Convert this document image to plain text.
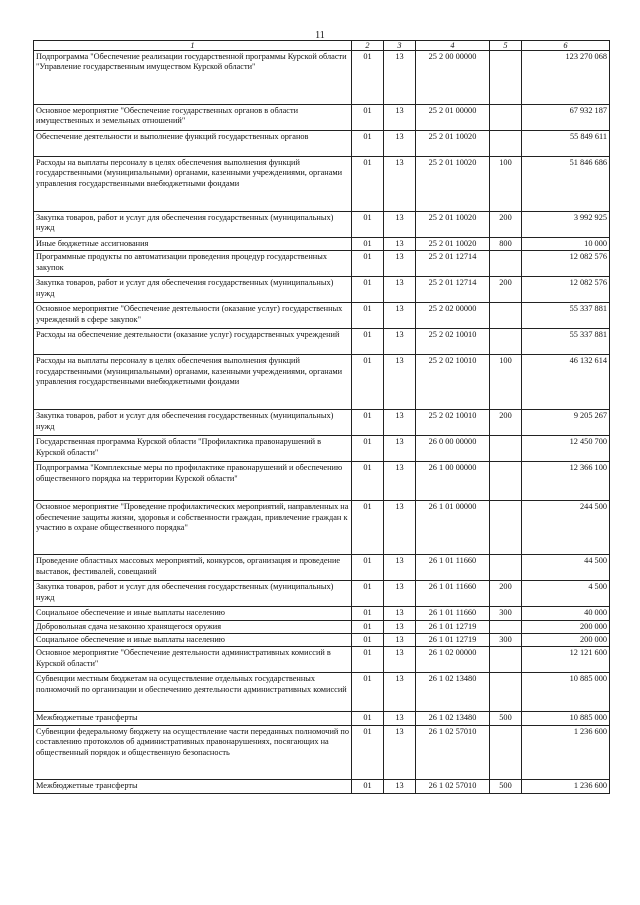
11
1	2	3	4	5	6
Подпрограмма "Обеспечение реализации государственной программы Курской области "Управление государственным имуществом Курской области"	01	13	25 2 00 00000		123 270 068
Основное мероприятие "Обеспечение государственных органов в области имущественных и земельных отношений"	01	13	25 2 01 00000		67 932 187
Обеспечение деятельности и выполнение функций государственных органов	01	13	25 2 01 10020		55 849 611
Расходы на выплаты персоналу в целях обеспечения выполнения функций государственными (муниципальными) органами, казенными учреждениями, органами управления государственными внебюджетными фондами	01	13	25 2 01 10020	100	51 846 686
Закупка товаров, работ и услуг для обеспечения государственных (муниципальных) нужд	01	13	25 2 01 10020	200	3 992 925
Иные бюджетные ассигнования	01	13	25 2 01 10020	800	10 000
Программные продукты по автоматизации проведения процедур государственных закупок	01	13	25 2 01 12714		12 082 576
Закупка товаров, работ и услуг для обеспечения государственных (муниципальных) нужд	01	13	25 2 01 12714	200	12 082 576
Основное мероприятие "Обеспечение деятельности (оказание услуг) государственных учреждений в сфере закупок"	01	13	25 2 02 00000		55 337 881
Расходы на обеспечение деятельности (оказание услуг) государственных учреждений	01	13	25 2 02 10010		55 337 881
Расходы на выплаты персоналу в целях обеспечения выполнения функций государственными (муниципальными) органами, казенными учреждениями, органами управления государственными внебюджетными фондами	01	13	25 2 02 10010	100	46 132 614
Закупка товаров, работ и услуг для обеспечения государственных (муниципальных) нужд	01	13	25 2 02 10010	200	9 205 267
Государственная программа Курской области "Профилактика правонарушений в Курской области"	01	13	26 0 00 00000		12 450 700
Подпрограмма "Комплексные меры по профилактике правонарушений и обеспечению общественного порядка на территории Курской области"	01	13	26 1 00 00000		12 366 100
Основное мероприятие "Проведение профилактических мероприятий, направленных на обеспечение защиты жизни, здоровья и собственности граждан, привлечение граждан к участию в охране общественного порядка"	01	13	26 1 01 00000		244 500
Проведение областных массовых мероприятий, конкурсов, организация и проведение выставок, фестивалей, совещаний	01	13	26 1 01 11660		44 500
Закупка товаров, работ и услуг для обеспечения государственных (муниципальных) нужд	01	13	26 1 01 11660	200	4 500
Социальное обеспечение и иные выплаты населению	01	13	26 1 01 11660	300	40 000
Добровольная сдача незаконно хранящегося оружия	01	13	26 1 01 12719		200 000
Социальное обеспечение и иные выплаты населению	01	13	26 1 01 12719	300	200 000
Основное мероприятие "Обеспечение деятельности административных комиссий в Курской области"	01	13	26 1 02 00000		12 121 600
Субвенции местным бюджетам на осуществление отдельных государственных полномочий по организации и обеспечению деятельности административных комиссий	01	13	26 1 02 13480		10 885 000
Межбюджетные трансферты	01	13	26 1 02 13480	500	10 885 000
Субвенции федеральному бюджету на осуществление части переданных полномочий по составлению протоколов об административных правонарушениях, посягающих на общественный порядок и общественную безопасность	01	13	26 1 02 57010		1 236 600
Межбюджетные трансферты	01	13	26 1 02 57010	500	1 236 600
